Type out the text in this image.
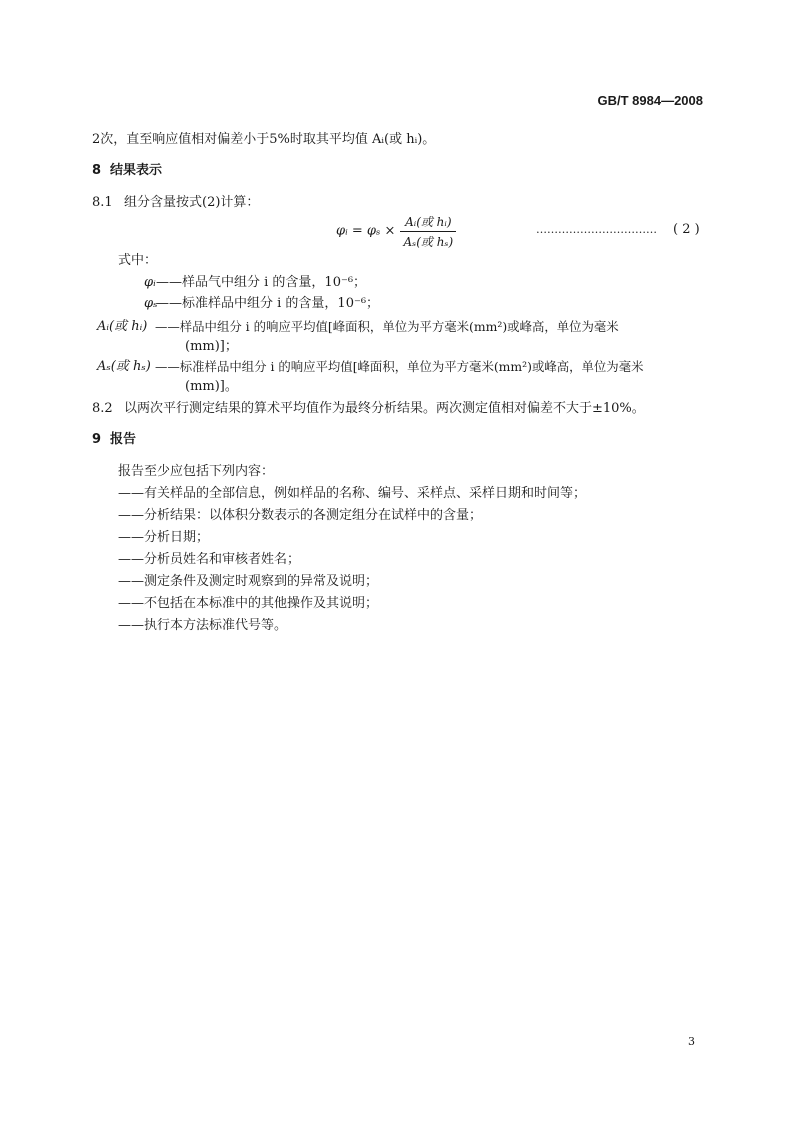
GB/T 8984—2008
2次，直至响应值相对偏差小于5%时取其平均值 Aᵢ(或 hᵢ)。
8 结果表示
8.1 组分含量按式(2)计算：
φᵢ = $\varphi_s \times \frac{\text{Aᵢ(或 hᵢ)}}{\text{Aₛ(或 hₛ)}}$	…………………………… ( 2 )
式中：
φᵢ ——样品气中组分 i 的含量，10⁻⁶；
φₛ
——标准样品中组分 i 的含量，10⁻⁶；
Aᵢ(或 hᵢ) ——样品中组分 i 的响应平均值[峰面积，单位为平方毫米(mm²)或峰高，单位为毫米
(mm)]；
Aₛ(或 hₛ) ——标准样品中组分 i 的响应平均值[峰面积，单位为平方毫米(mm²)或峰高，单位为毫米
(mm)]。
8.2 以两次平行测定结果的算术平均值作为最终分析结果。两次测定值相对偏差不大于±10%。
9 报告
报告至少应包括下列内容：
——有关样品的全部信息，例如样品的名称、编号、采样点、采样日期和时间等；
——分析结果：以体积分数表示的各测定组分在试样中的含量；
——分析日期；
——分析员姓名和审核者姓名；
——测定条件及测定时观察到的异常及说明；
——不包括在本标准中的其他操作及其说明；
——执行本方法标准代号等。
3
